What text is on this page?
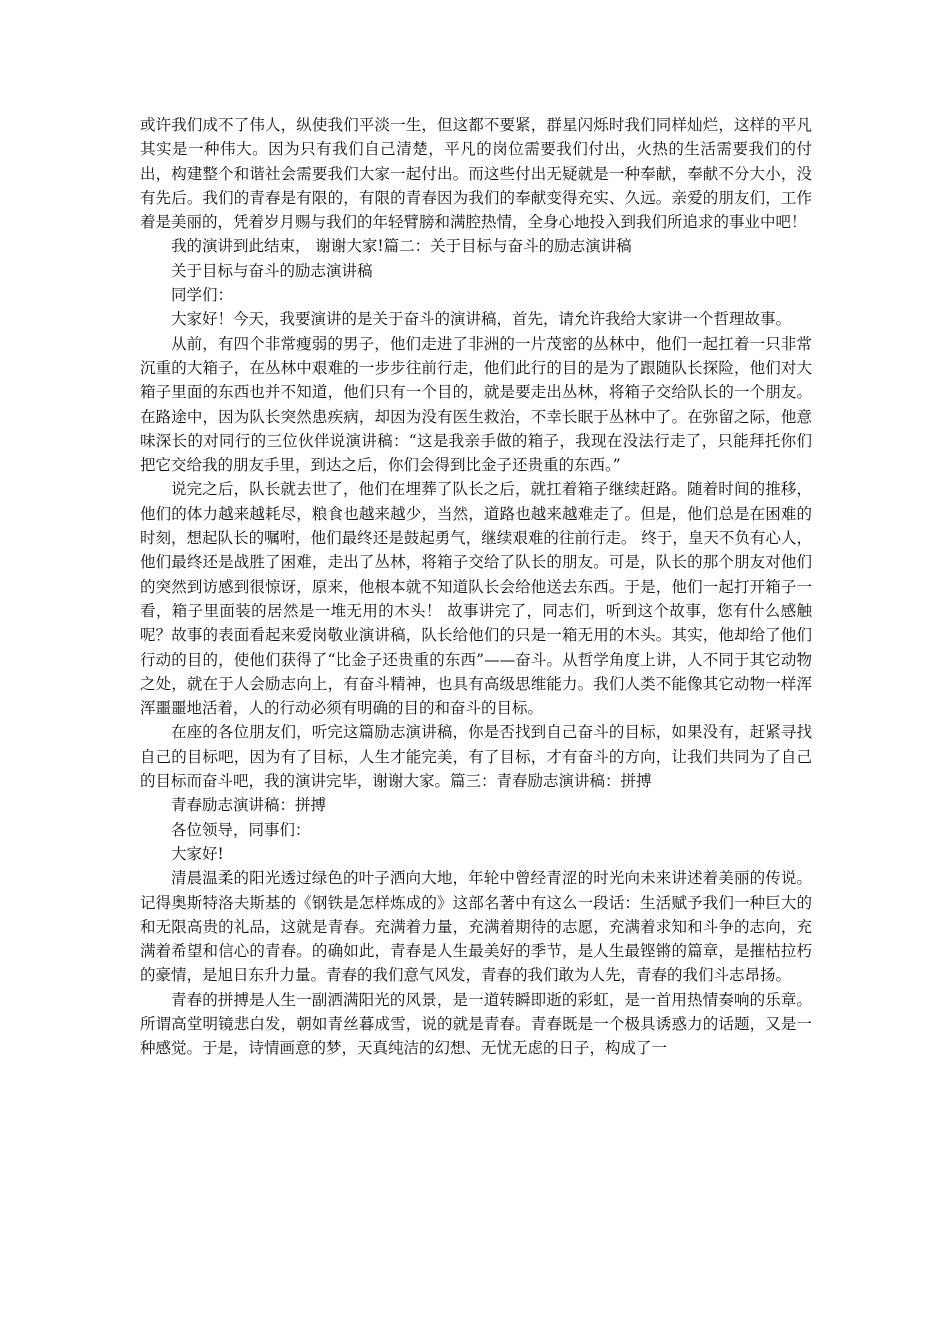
或许我们成不了伟人，纵使我们平淡一生，但这都不要紧，群星闪烁时我们同样灿烂，这样的平凡其实是一种伟大。因为只有我们自己清楚，平凡的岗位需要我们付出，火热的生活需要我们的付出，构建整个和谐社会需要我们大家一起付出。而这些付出无疑就是一种奉献，奉献不分大小，没有先后。我们的青春是有限的，有限的青春因为我们的奉献变得充实、久远。亲爱的朋友们，工作着是美丽的，凭着岁月赐与我们的年轻臂膀和满腔热情，全身心地投入到我们所追求的事业中吧！

我的演讲到此结束， 谢谢大家!篇二：关于目标与奋斗的励志演讲稿

关于目标与奋斗的励志演讲稿

同学们：

大家好！今天，我要演讲的是关于奋斗的演讲稿，首先，请允许我给大家讲一个哲理故事。

从前，有四个非常瘦弱的男子，他们走进了非洲的一片茂密的丛林中，他们一起扛着一只非常沉重的大箱子，在丛林中艰难的一步步往前行走，他们此行的目的是为了跟随队长探险，他们对大箱子里面的东西也并不知道，他们只有一个目的，就是要走出丛林，将箱子交给队长的一个朋友。在路途中，因为队长突然患疾病，却因为没有医生救治，不幸长眠于丛林中了。在弥留之际，他意味深长的对同行的三位伙伴说演讲稿：“这是我亲手做的箱子，我现在没法行走了，只能拜托你们把它交给我的朋友手里，到达之后，你们会得到比金子还贵重的东西。”

说完之后，队长就去世了，他们在埋葬了队长之后，就扛着箱子继续赶路。随着时间的推移，他们的体力越来越耗尽，粮食也越来越少，当然，道路也越来越难走了。但是，他们总是在困难的时刻，想起队长的嘱咐，他们最终还是鼓起勇气，继续艰难的往前行走。 终于，皇天不负有心人，他们最终还是战胜了困难，走出了丛林，将箱子交给了队长的朋友。可是，队长的那个朋友对他们的突然到访感到很惊讶，原来，他根本就不知道队长会给他送去东西。于是，他们一起打开箱子一看，箱子里面装的居然是一堆无用的木头！ 故事讲完了，同志们，听到这个故事，您有什么感触呢？故事的表面看起来爱岗敬业演讲稿，队长给他们的只是一箱无用的木头。其实，他却给了他们行动的目的，使他们获得了“比金子还贵重的东西”——奋斗。从哲学角度上讲，人不同于其它动物之处，就在于人会励志向上，有奋斗精神，也具有高级思维能力。我们人类不能像其它动物一样浑浑噩噩地活着，人的行动必须有明确的目的和奋斗的目标。

在座的各位朋友们，听完这篇励志演讲稿，你是否找到自己奋斗的目标，如果没有，赶紧寻找自己的目标吧，因为有了目标，人生才能完美，有了目标，才有奋斗的方向，让我们共同为了自己的目标而奋斗吧，我的演讲完毕，谢谢大家。篇三：青春励志演讲稿：拼搏

青春励志演讲稿：拼搏

各位领导，同事们：

大家好!

清晨温柔的阳光透过绿色的叶子洒向大地，年轮中曾经青涩的时光向未来讲述着美丽的传说。记得奥斯特洛夫斯基的《钢铁是怎样炼成的》这部名著中有这么一段话：生活赋予我们一种巨大的和无限高贵的礼品，这就是青春。充满着力量，充满着期待的志愿，充满着求知和斗争的志向，充满着希望和信心的青春。的确如此，青春是人生最美好的季节，是人生最铿锵的篇章，是摧枯拉朽的豪情，是旭日东升力量。青春的我们意气风发，青春的我们敢为人先，青春的我们斗志昂扬。

青春的拼搏是人生一副洒满阳光的风景，是一道转瞬即逝的彩虹，是一首用热情奏响的乐章。所谓高堂明镜悲白发，朝如青丝暮成雪，说的就是青春。青春既是一个极具诱惑力的话题，又是一种感觉。于是，诗情画意的梦，天真纯洁的幻想、无忧无虑的日子，构成了一
